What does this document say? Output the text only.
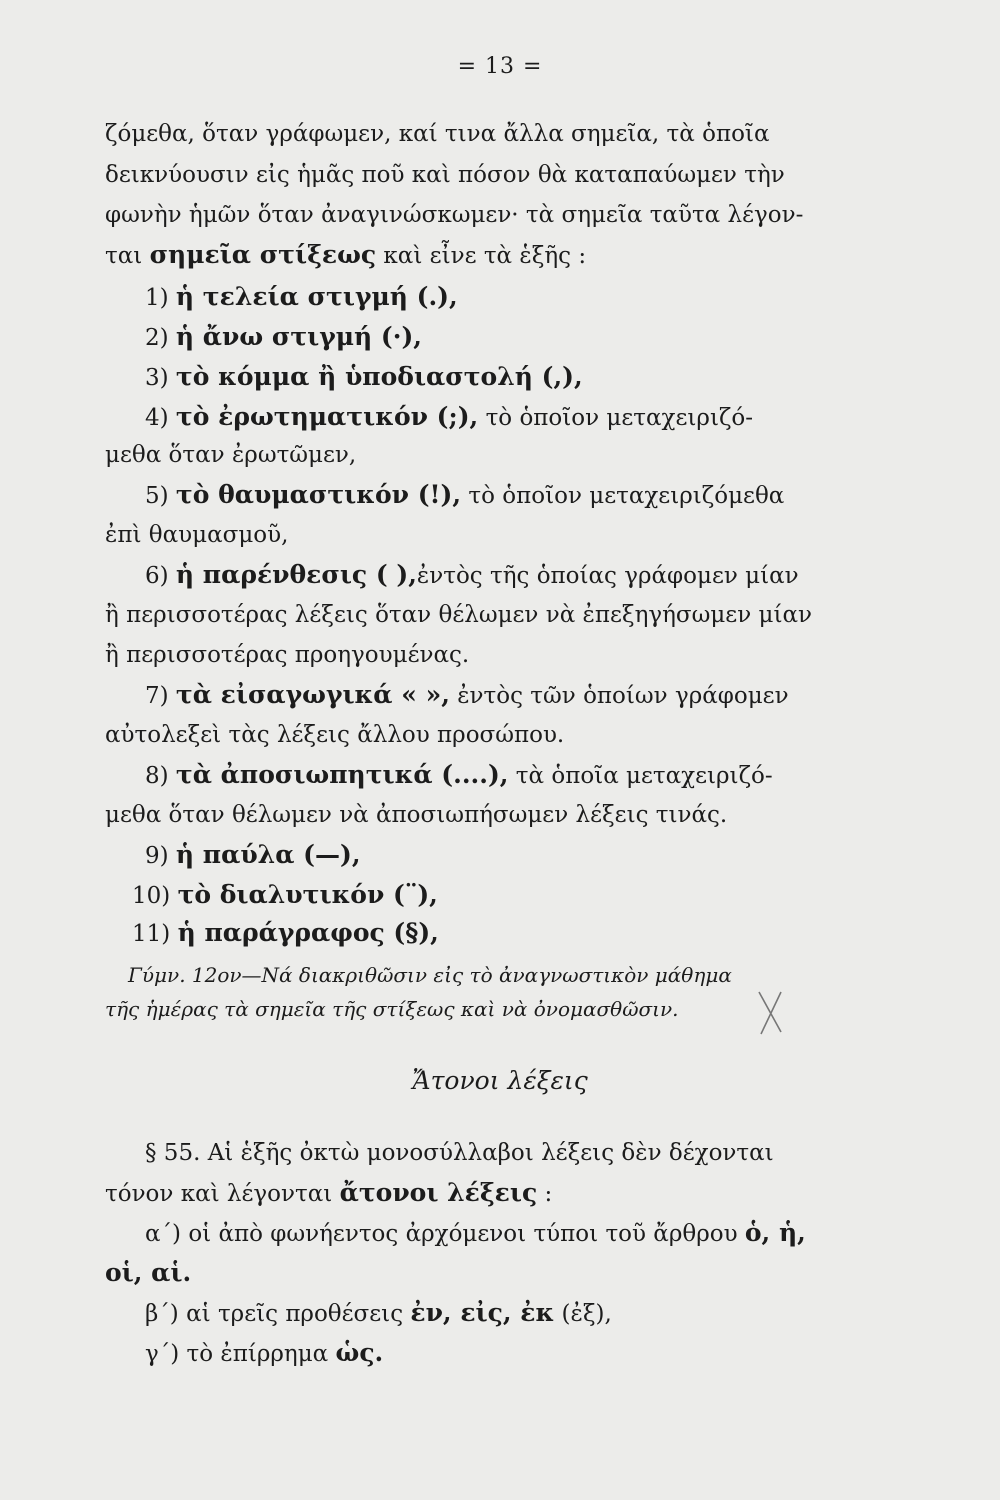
= 13 =
ζόμεθα, ὅταν γράφωμεν, καί τινα ἄλλα σημεῖα, τὰ ὁποῖα
δεικνύουσιν εἰς ἡμᾶς ποῦ καὶ πόσον θὰ καταπαύωμεν τὴν
φωνὴν ἡμῶν ὅταν ἀναγινώσκωμεν· τὰ σημεῖα ταῦτα λέγον-
ται σημεῖα στίξεως καὶ εἶνε τὰ ἑξῆς :
1) ἡ τελεία στιγμή (.),
2) ἡ ἄνω στιγμή (·),
3) τὸ κόμμα ἢ ὑποδιαστολή (,),
4) τὸ ἐρωτηματικόν (;), τὸ ὁποῖον μεταχειριζό-
μεθα ὅταν ἐρωτῶμεν,
5) τὸ θαυμαστικόν (!), τὸ ὁποῖον μεταχειριζόμεθα
ἐπὶ θαυμασμοῦ,
6) ἡ παρένθεσις ( ),ἐντὸς τῆς ὁποίας γράφομεν μίαν
ἢ περισσοτέρας λέξεις ὅταν θέλωμεν νὰ ἐπεξηγήσωμεν μίαν
ἢ περισσοτέρας προηγουμένας.
7) τὰ εἰσαγωγικά « », ἐντὸς τῶν ὁποίων γράφομεν
αὐτολεξεὶ τὰς λέξεις ἄλλου προσώπου.
8) τὰ ἀποσιωπητικά (....), τὰ ὁποῖα μεταχειριζό-
μεθα ὅταν θέλωμεν νὰ ἀποσιωπήσωμεν λέξεις τινάς.
9) ἡ παύλα (—),
10) τὸ διαλυτικόν (¨),
11) ἡ παράγραφος (§),
Γύμν. 12ον—Νά διακριθῶσιν εἰς τὸ ἀναγνωστικὸν μάθημα
τῆς ἡμέρας τὰ σημεῖα τῆς στίξεως καὶ νὰ ὀνομασθῶσιν.
Ἄτονοι λέξεις
§ 55. Αἱ ἑξῆς ὀκτὼ μονοσύλλαβοι λέξεις δὲν δέχονται
τόνον καὶ λέγονται ἄτονοι λέξεις :
α΄) οἱ ἀπὸ φωνήεντος ἀρχόμενοι τύποι τοῦ ἄρθρου ὁ, ἡ,
οἱ, αἱ.
β΄) αἱ τρεῖς προθέσεις ἐν, εἰς, ἐκ (ἐξ),
γ΄) τὸ ἐπίρρημα ὡς.
